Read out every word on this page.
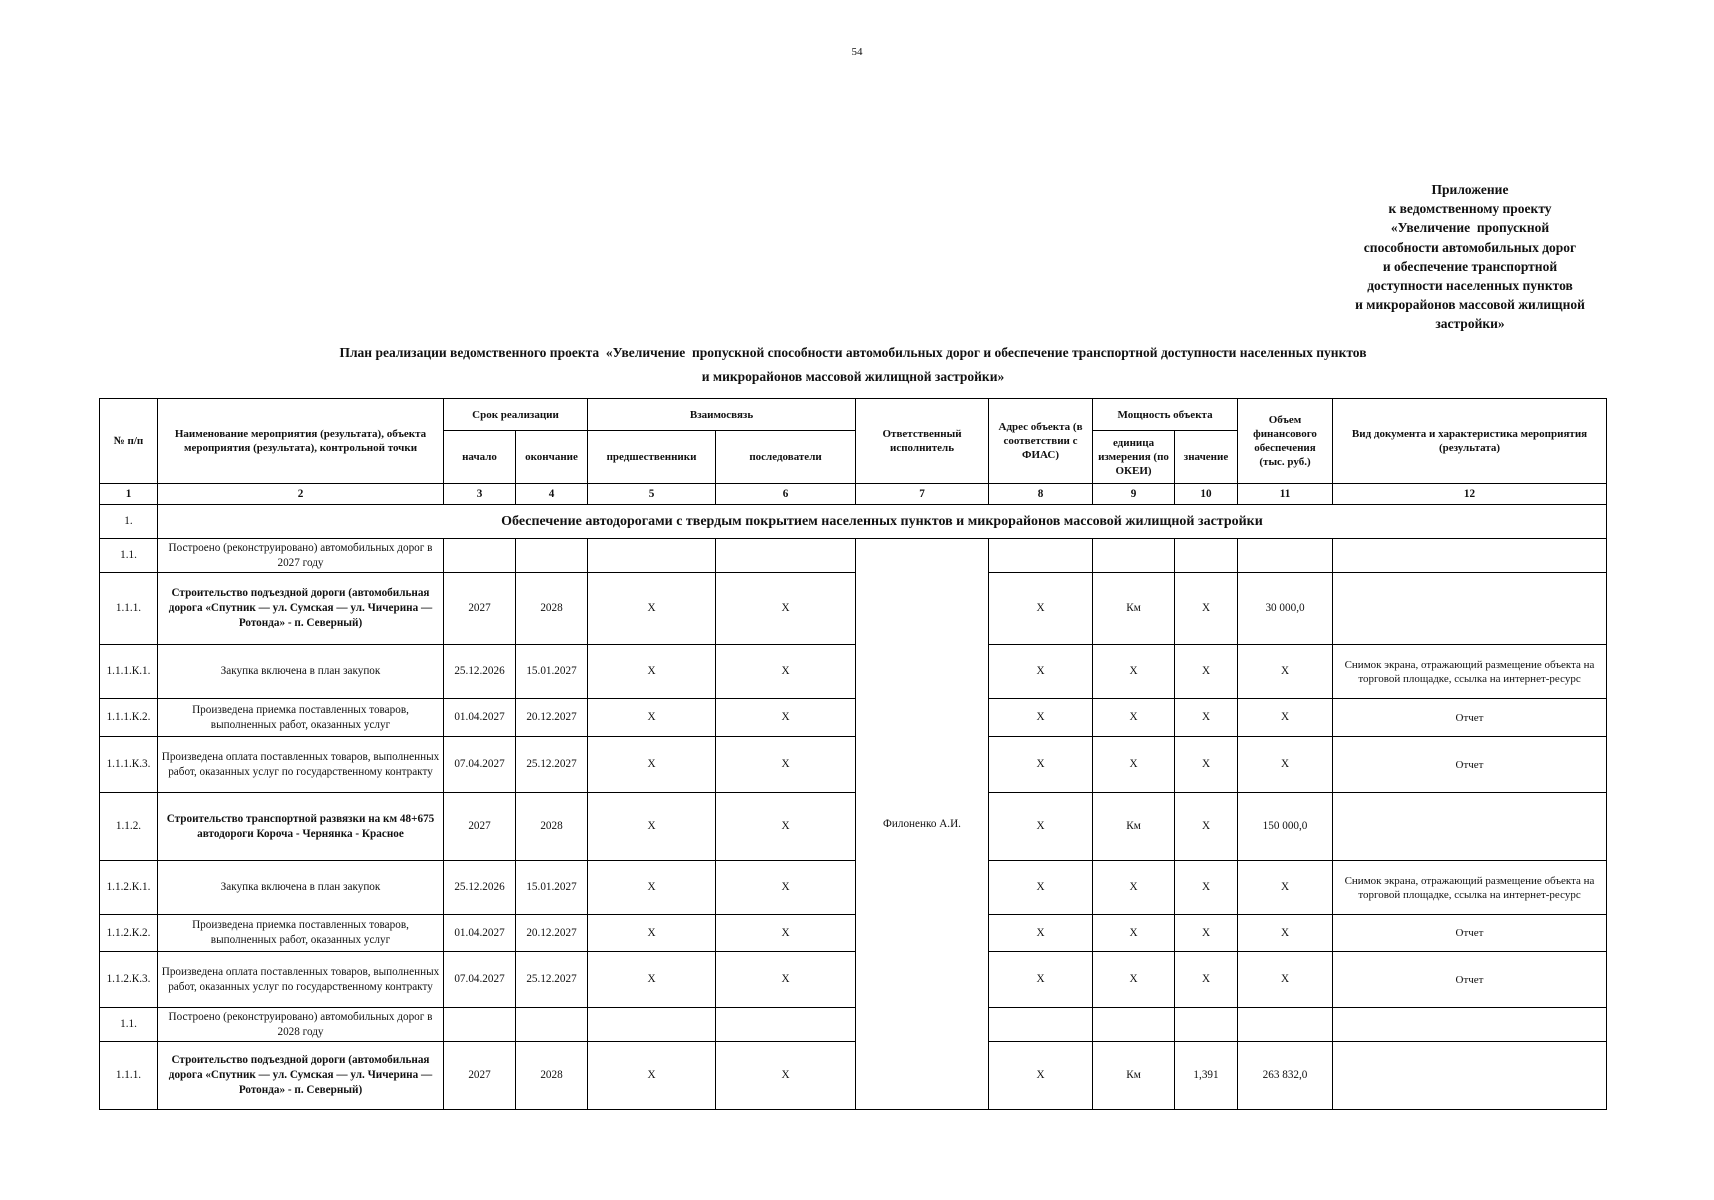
54
Приложение
к ведомственному проекту
«Увеличение  пропускной
способности автомобильных дорог
и обеспечение транспортной
доступности населенных пунктов
и микрорайонов массовой жилищной
застройки»
План реализации ведомственного проекта  «Увеличение  пропускной способности автомобильных дорог и обеспечение транспортной доступности населенных пунктов
и микрорайонов массовой жилищной застройки»
№ п/п	Наименование мероприятия (результата), объекта мероприятия (результата), контрольной точки	Срок реализации		Взаимосвязь		Ответственный исполнитель	Адрес объекта (в соответствии с ФИАС)	Мощность объекта		Объем финансового обеспечения (тыс. руб.)	Вид документа и характеристика мероприятия (результата)
		начало	окончание	предшественники	последователи			единица измерения (по ОКЕИ)	значение		
1	2	3	4	5	6	7	8	9	10	11	12
1.	Обеспечение автодорогами с твердым покрытием населенных пунктов и микрорайонов массовой жилищной застройки										
1.1.	Построено (реконструировано) автомобильных дорог в 2027 году					Филоненко А.И.					
1.1.1.	Строительство подъездной дороги (автомобильная дорога «Спутник — ул. Сумская — ул. Чичерина — Ротонда» - п. Северный)	2027	2028	X	X		X	Км	X	30 000,0	
1.1.1.К.1.	Закупка включена в план закупок	25.12.2026	15.01.2027	X	X		X	X	X	X	Снимок экрана, отражающий размещение объекта на торговой площадке, ссылка на интернет-ресурс
1.1.1.К.2.	Произведена приемка поставленных товаров, выполненных работ, оказанных услуг	01.04.2027	20.12.2027	X	X		X	X	X	X	Отчет
1.1.1.К.3.	Произведена оплата поставленных товаров, выполненных работ, оказанных услуг по государственному контракту	07.04.2027	25.12.2027	X	X		X	X	X	X	Отчет
1.1.2.	Строительство транспортной развязки на км 48+675 автодороги Короча - Чернянка - Красное	2027	2028	X	X		X	Км	X	150 000,0	
1.1.2.К.1.	Закупка включена в план закупок	25.12.2026	15.01.2027	X	X		X	X	X	X	Снимок экрана, отражающий размещение объекта на торговой площадке, ссылка на интернет-ресурс
1.1.2.К.2.	Произведена приемка поставленных товаров, выполненных работ, оказанных услуг	01.04.2027	20.12.2027	X	X		X	X	X	X	Отчет
1.1.2.К.3.	Произведена оплата поставленных товаров, выполненных работ, оказанных услуг по государственному контракту	07.04.2027	25.12.2027	X	X		X	X	X	X	Отчет
1.1.	Построено (реконструировано) автомобильных дорог в 2028 году										
1.1.1.	Строительство подъездной дороги (автомобильная дорога «Спутник — ул. Сумская — ул. Чичерина — Ротонда» - п. Северный)	2027	2028	X	X		X	Км	1,391	263 832,0	
